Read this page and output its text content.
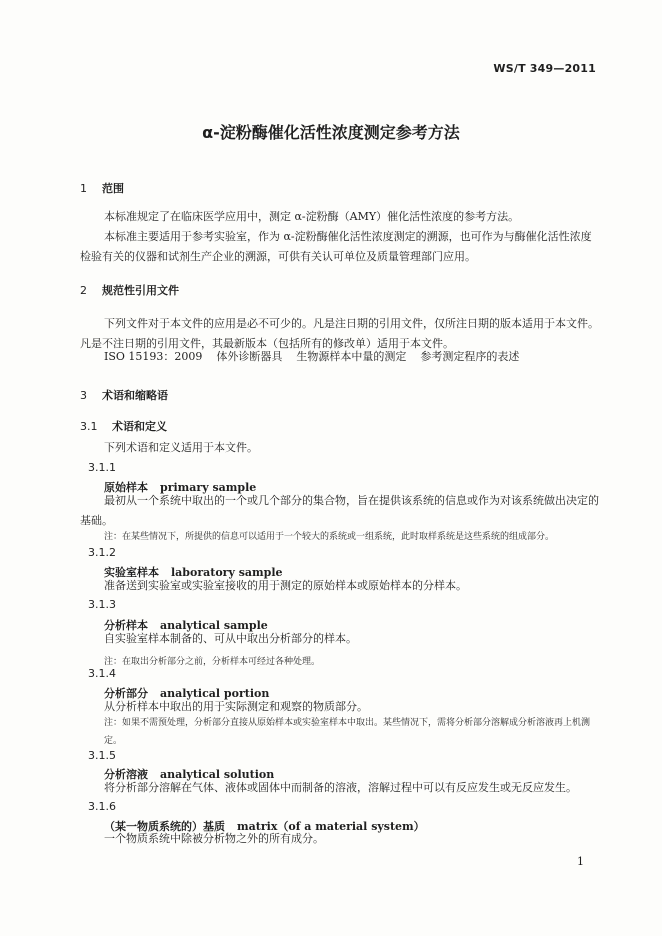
WS/T 349—2011
α-淀粉酶催化活性浓度测定参考方法
1 范围
本标准规定了在临床医学应用中，测定 α-淀粉酶（AMY）催化活性浓度的参考方法。
本标准主要适用于参考实验室，作为 α-淀粉酶催化活性浓度测定的溯源，也可作为与酶催化活性浓度检验有关的仪器和试剂生产企业的溯源，可供有关认可单位及质量管理部门应用。
2 规范性引用文件
下列文件对于本文件的应用是必不可少的。凡是注日期的引用文件，仅所注日期的版本适用于本文件。凡是不注日期的引用文件，其最新版本（包括所有的修改单）适用于本文件。
ISO 15193：2009 体外诊断器具 生物源样本中量的测定 参考测定程序的表述
3 术语和缩略语
3.1 术语和定义
下列术语和定义适用于本文件。
3.1.1
原始样本 primary sample
最初从一个系统中取出的一个或几个部分的集合物，旨在提供该系统的信息或作为对该系统做出决定的基础。
注：在某些情况下，所提供的信息可以适用于一个较大的系统或一组系统，此时取样系统是这些系统的组成部分。
3.1.2
实验室样本 laboratory sample
准备送到实验室或实验室接收的用于测定的原始样本或原始样本的分样本。
3.1.3
分析样本 analytical sample
自实验室样本制备的、可从中取出分析部分的样本。
注：在取出分析部分之前，分析样本可经过各种处理。
3.1.4
分析部分 analytical portion
从分析样本中取出的用于实际测定和观察的物质部分。
注：如果不需预处理，分析部分直接从原始样本或实验室样本中取出。某些情况下，需将分析部分溶解成分析溶液再上机测定。
3.1.5
分析溶液 analytical solution
将分析部分溶解在气体、液体或固体中而制备的溶液，溶解过程中可以有反应发生或无反应发生。
3.1.6
（某一物质系统的）基质 matrix（of a material system）
一个物质系统中除被分析物之外的所有成分。
1
